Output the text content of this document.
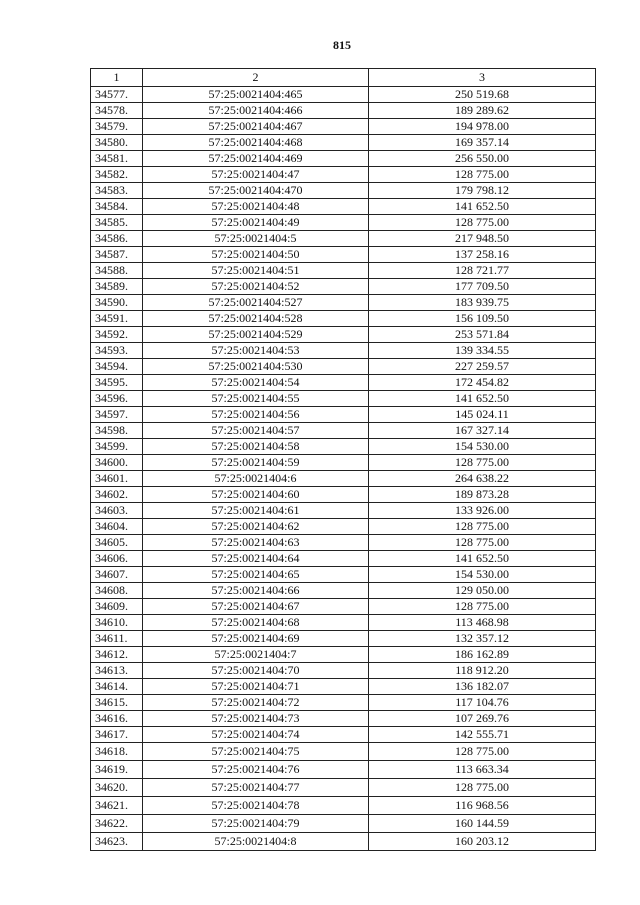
815
1	2	3
34577.	57:25:0021404:465	250 519.68
34578.	57:25:0021404:466	189 289.62
34579.	57:25:0021404:467	194 978.00
34580.	57:25:0021404:468	169 357.14
34581.	57:25:0021404:469	256 550.00
34582.	57:25:0021404:47	128 775.00
34583.	57:25:0021404:470	179 798.12
34584.	57:25:0021404:48	141 652.50
34585.	57:25:0021404:49	128 775.00
34586.	57:25:0021404:5	217 948.50
34587.	57:25:0021404:50	137 258.16
34588.	57:25:0021404:51	128 721.77
34589.	57:25:0021404:52	177 709.50
34590.	57:25:0021404:527	183 939.75
34591.	57:25:0021404:528	156 109.50
34592.	57:25:0021404:529	253 571.84
34593.	57:25:0021404:53	139 334.55
34594.	57:25:0021404:530	227 259.57
34595.	57:25:0021404:54	172 454.82
34596.	57:25:0021404:55	141 652.50
34597.	57:25:0021404:56	145 024.11
34598.	57:25:0021404:57	167 327.14
34599.	57:25:0021404:58	154 530.00
34600.	57:25:0021404:59	128 775.00
34601.	57:25:0021404:6	264 638.22
34602.	57:25:0021404:60	189 873.28
34603.	57:25:0021404:61	133 926.00
34604.	57:25:0021404:62	128 775.00
34605.	57:25:0021404:63	128 775.00
34606.	57:25:0021404:64	141 652.50
34607.	57:25:0021404:65	154 530.00
34608.	57:25:0021404:66	129 050.00
34609.	57:25:0021404:67	128 775.00
34610.	57:25:0021404:68	113 468.98
34611.	57:25:0021404:69	132 357.12
34612.	57:25:0021404:7	186 162.89
34613.	57:25:0021404:70	118 912.20
34614.	57:25:0021404:71	136 182.07
34615.	57:25:0021404:72	117 104.76
34616.	57:25:0021404:73	107 269.76
34617.	57:25:0021404:74	142 555.71
34618.	57:25:0021404:75	128 775.00
34619.	57:25:0021404:76	113 663.34
34620.	57:25:0021404:77	128 775.00
34621.	57:25:0021404:78	116 968.56
34622.	57:25:0021404:79	160 144.59
34623.	57:25:0021404:8	160 203.12
